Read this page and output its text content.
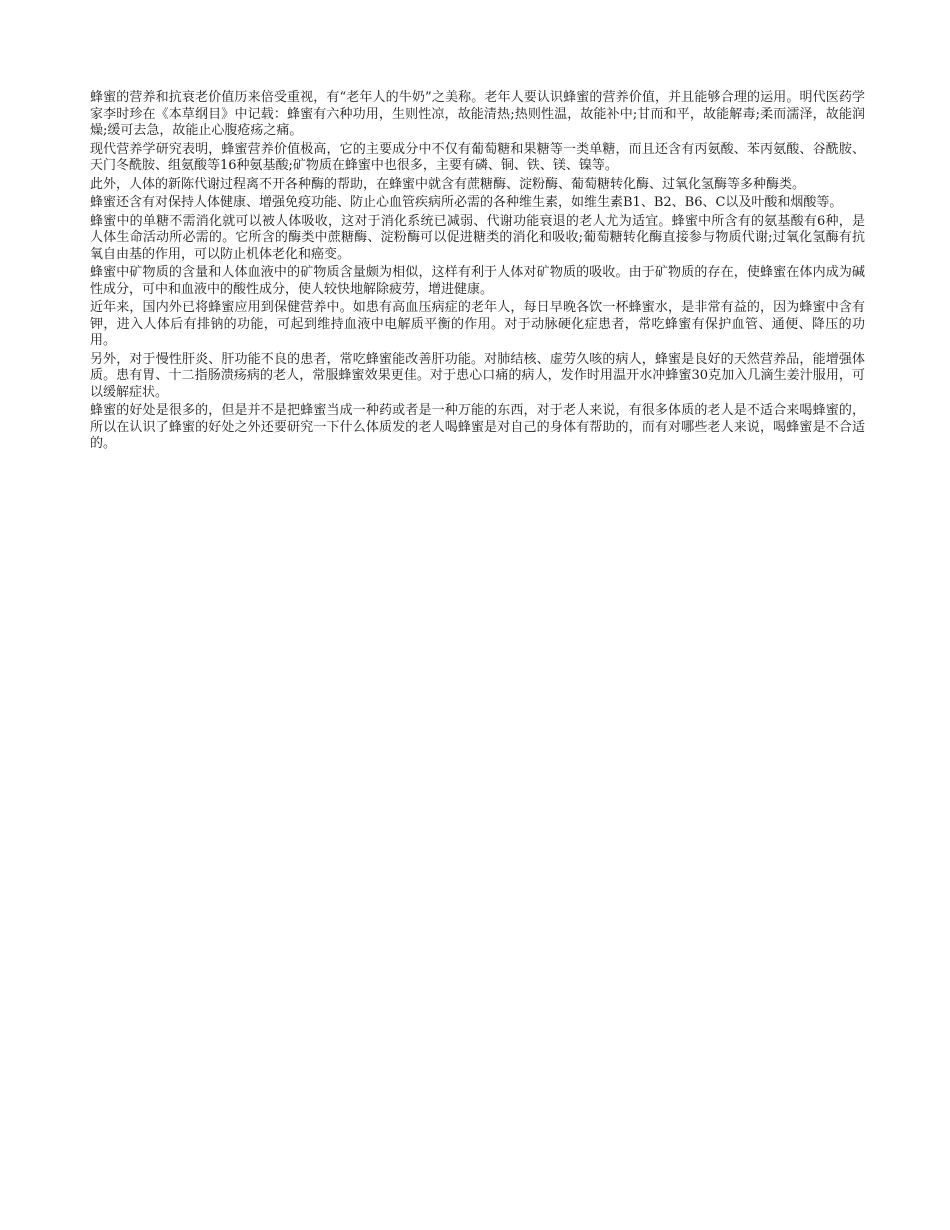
蜂蜜的营养和抗衰老价值历来倍受重视，有“老年人的牛奶”之美称。老年人要认识蜂蜜的营养价值，并且能够合理的运用。明代医药学家李时珍在《本草纲目》中记载：蜂蜜有六种功用，生则性凉，故能清热;热则性温，故能补中;甘而和平，故能解毒;柔而濡泽，故能润燥;缓可去急，故能止心腹疮疡之痛。

现代营养学研究表明，蜂蜜营养价值极高，它的主要成分中不仅有葡萄糖和果糖等一类单糖，而且还含有丙氨酸、苯丙氨酸、谷酰胺、天门冬酰胺、组氨酸等16种氨基酸;矿物质在蜂蜜中也很多，主要有磷、铜、铁、镁、镍等。

此外，人体的新陈代谢过程离不开各种酶的帮助，在蜂蜜中就含有蔗糖酶、淀粉酶、葡萄糖转化酶、过氧化氢酶等多种酶类。

蜂蜜还含有对保持人体健康、增强免疫功能、防止心血管疾病所必需的各种维生素，如维生素B1、B2、B6、C以及叶酸和烟酸等。

蜂蜜中的单糖不需消化就可以被人体吸收，这对于消化系统已减弱、代谢功能衰退的老人尤为适宜。蜂蜜中所含有的氨基酸有6种，是人体生命活动所必需的。它所含的酶类中蔗糖酶、淀粉酶可以促进糖类的消化和吸收;葡萄糖转化酶直接参与物质代谢;过氧化氢酶有抗氧自由基的作用，可以防止机体老化和癌变。

蜂蜜中矿物质的含量和人体血液中的矿物质含量颇为相似，这样有利于人体对矿物质的吸收。由于矿物质的存在，使蜂蜜在体内成为碱性成分，可中和血液中的酸性成分，使人较快地解除疲劳，增进健康。

近年来，国内外已将蜂蜜应用到保健营养中。如患有高血压病症的老年人，每日早晚各饮一杯蜂蜜水，是非常有益的，因为蜂蜜中含有钾，进入人体后有排钠的功能，可起到维持血液中电解质平衡的作用。对于动脉硬化症患者，常吃蜂蜜有保护血管、通便、降压的功用。

另外，对于慢性肝炎、肝功能不良的患者，常吃蜂蜜能改善肝功能。对肺结核、虚劳久咳的病人，蜂蜜是良好的天然营养品，能增强体质。患有胃、十二指肠溃疡病的老人，常服蜂蜜效果更佳。对于患心口痛的病人，发作时用温开水冲蜂蜜30克加入几滴生姜汁服用，可以缓解症状。

蜂蜜的好处是很多的，但是并不是把蜂蜜当成一种药或者是一种万能的东西，对于老人来说，有很多体质的老人是不适合来喝蜂蜜的，所以在认识了蜂蜜的好处之外还要研究一下什么体质发的老人喝蜂蜜是对自己的身体有帮助的，而有对哪些老人来说，喝蜂蜜是不合适的。
